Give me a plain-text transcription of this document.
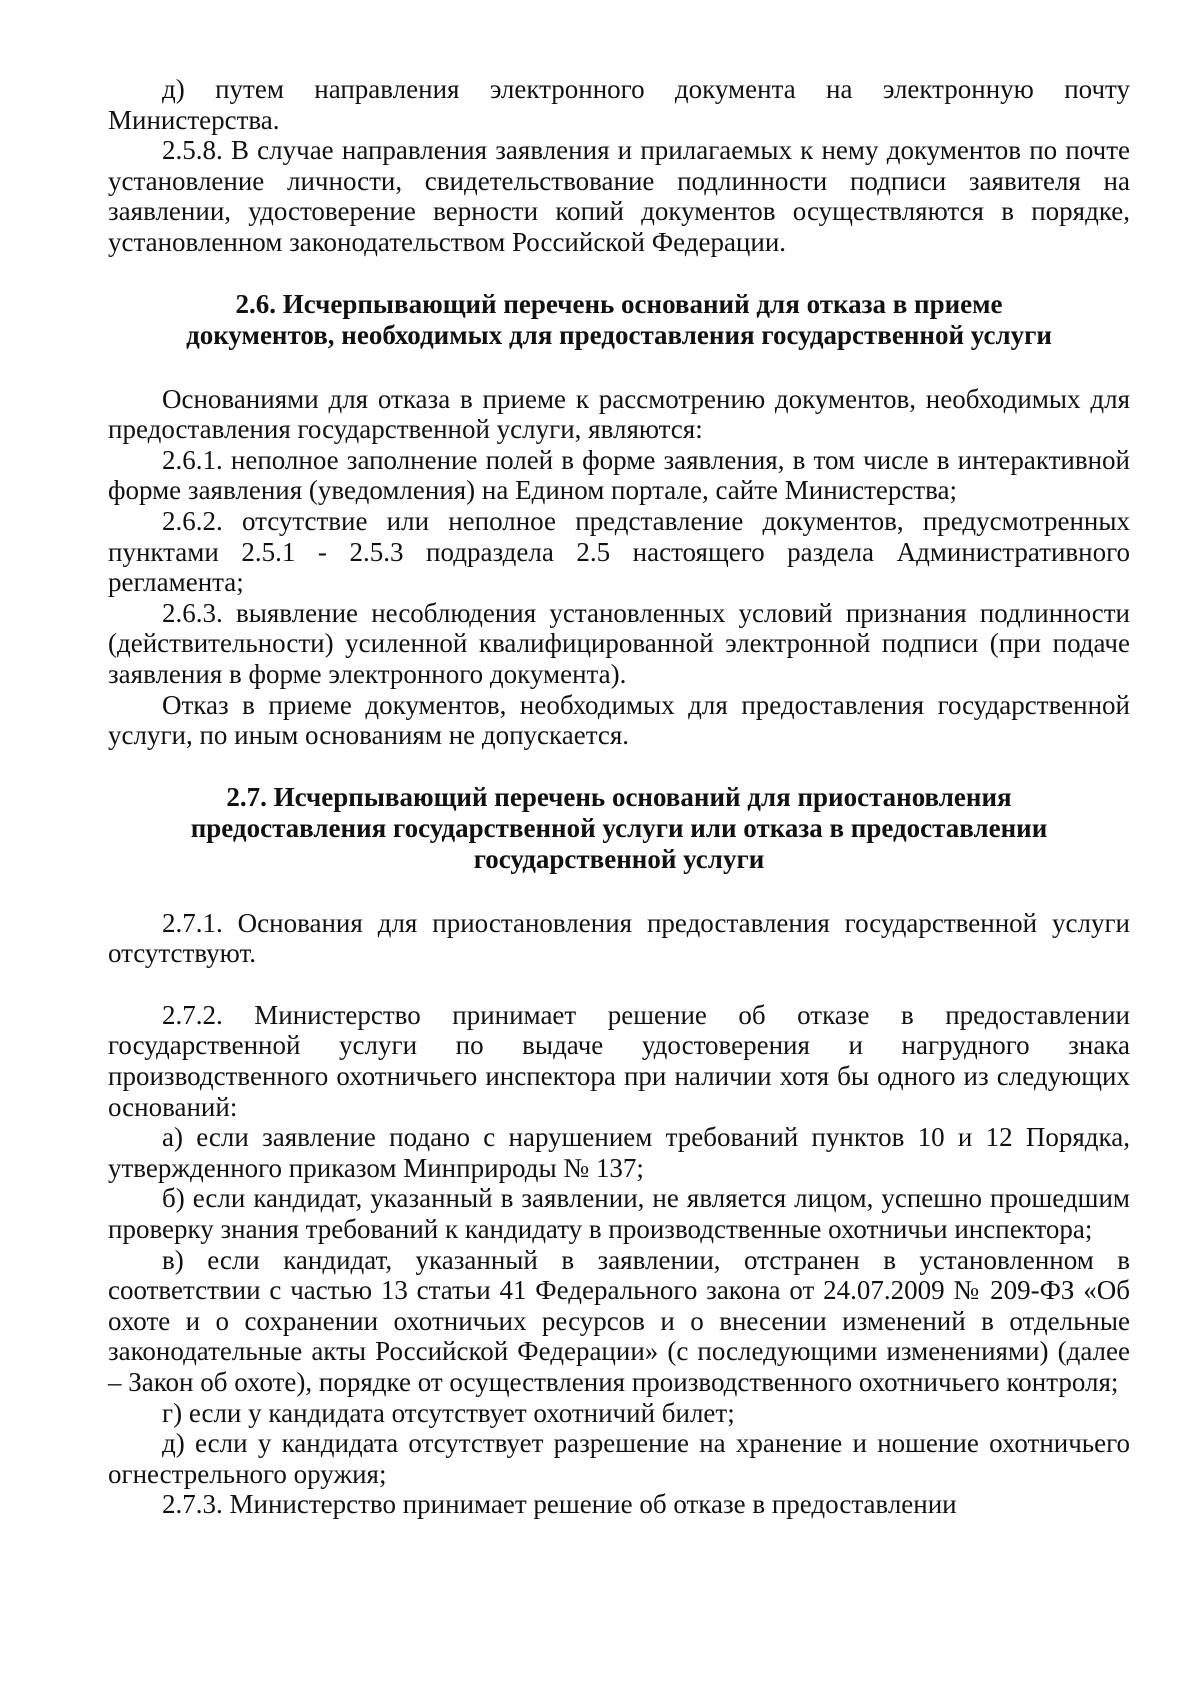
д) путем направления электронного документа на электронную почту Министерства.

2.5.8. В случае направления заявления и прилагаемых к нему документов по почте установление личности, свидетельствование подлинности подписи заявителя на заявлении, удостоверение верности копий документов осуществляются в порядке, установленном законодательством Российской Федерации.

2.6. Исчерпывающий перечень оснований для отказа в приеме
документов, необходимых для предоставления государственной услуги

Основаниями для отказа в приеме к рассмотрению документов, необходимых для предоставления государственной услуги, являются:

2.6.1. неполное заполнение полей в форме заявления, в том числе в интерактивной форме заявления (уведомления) на Едином портале, сайте Министерства;

2.6.2. отсутствие или неполное представление документов, предусмотренных пунктами 2.5.1 - 2.5.3 подраздела 2.5 настоящего раздела Административного регламента;

2.6.3. выявление несоблюдения установленных условий признания подлинности (действительности) усиленной квалифицированной электронной подписи (при подаче заявления в форме электронного документа).

Отказ в приеме документов, необходимых для предоставления государственной услуги, по иным основаниям не допускается.

2.7. Исчерпывающий перечень оснований для приостановления
предоставления государственной услуги или отказа в предоставлении
государственной услуги

2.7.1. Основания для приостановления предоставления государственной услуги отсутствуют.

2.7.2. Министерство принимает решение об отказе в предоставлении государственной услуги по выдаче удостоверения и нагрудного знака производственного охотничьего инспектора при наличии хотя бы одного из следующих оснований:

а) если заявление подано с нарушением требований пунктов 10 и 12 Порядка, утвержденного приказом Минприроды № 137;

б) если кандидат, указанный в заявлении, не является лицом, успешно прошедшим проверку знания требований к кандидату в производственные охотничьи инспектора;

в) если кандидат, указанный в заявлении, отстранен в установленном в соответствии с частью 13 статьи 41 Федерального закона от 24.07.2009 № 209-ФЗ «Об охоте и о сохранении охотничьих ресурсов и о внесении изменений в отдельные законодательные акты Российской Федерации» (с последующими изменениями) (далее – Закон об охоте), порядке от осуществления производственного охотничьего контроля;

г) если у кандидата отсутствует охотничий билет;

д) если у кандидата отсутствует разрешение на хранение и ношение охотничьего огнестрельного оружия;

2.7.3. Министерство принимает решение об отказе в предоставлении
